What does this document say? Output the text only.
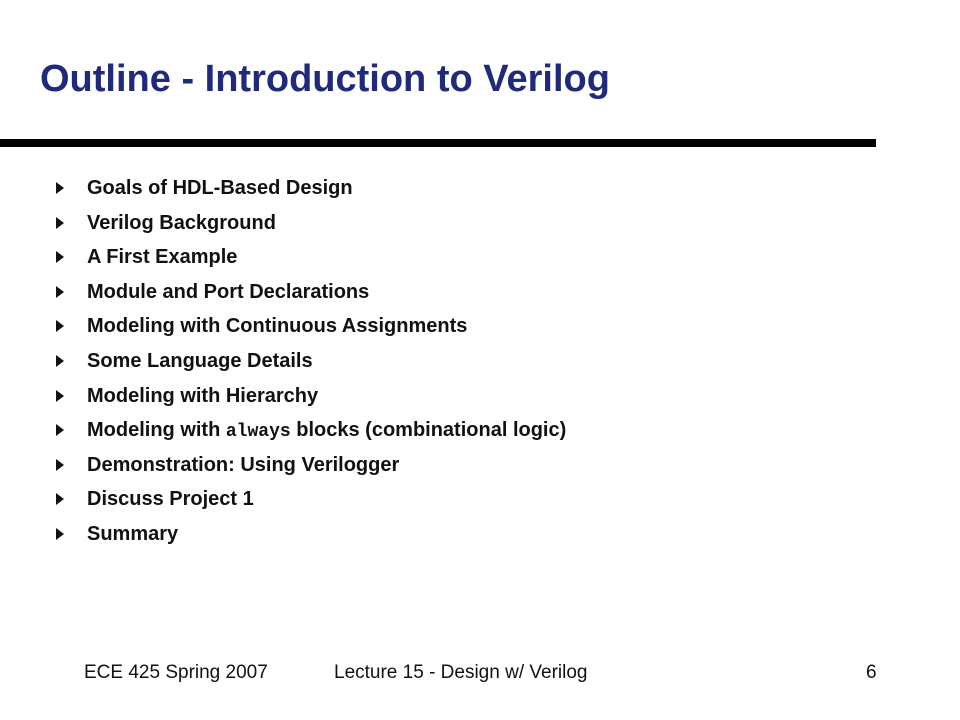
Outline - Introduction to Verilog
Goals of HDL-Based Design
Verilog Background
A First Example
Module and Port Declarations
Modeling with Continuous Assignments
Some Language Details
Modeling with Hierarchy
Modeling with always blocks (combinational logic)
Demonstration: Using Verilogger
Discuss Project 1
Summary
ECE 425 Spring 2007	Lecture 15 - Design w/ Verilog	6
